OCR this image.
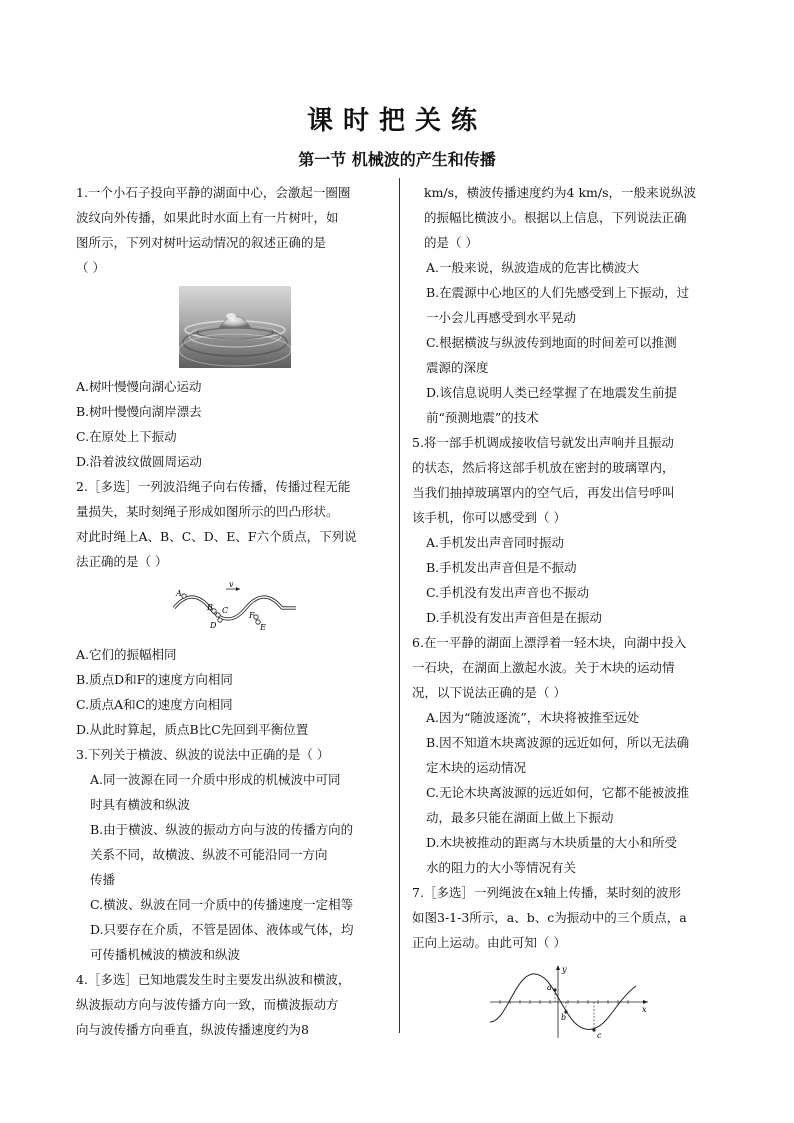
课时把关练
第一节 机械波的产生和传播

1.一个小石子投向平静的湖面中心，会激起一圈圈

波纹向外传播，如果此时水面上有一片树叶，如

图所示，下列对树叶运动情况的叙述正确的是

（ ）

A.树叶慢慢向湖心运动

B.树叶慢慢向湖岸漂去

C.在原处上下振动

D.沿着波纹做圆周运动

2.［多选］一列波沿绳子向右传播，传播过程无能

量损失，某时刻绳子形成如图所示的凹凸形状。

对此时绳上A、B、C、D、E、F六个质点，下列说

法正确的是（ ）

v
A
B C
D
F
E

A.它们的振幅相同

B.质点D和F的速度方向相同

C.质点A和C的速度方向相同

D.从此时算起，质点B比C先回到平衡位置

3.下列关于横波、纵波的说法中正确的是（ ）

A.同一波源在同一介质中形成的机械波中可同

时具有横波和纵波

B.由于横波、纵波的振动方向与波的传播方向的

关系不同，故横波、纵波不可能沿同一方向

传播

C.横波、纵波在同一介质中的传播速度一定相等

D.只要存在介质，不管是固体、液体或气体，均

可传播机械波的横波和纵波

4.［多选］已知地震发生时主要发出纵波和横波，

纵波振动方向与波传播方向一致，而横波振动方

向与波传播方向垂直，纵波传播速度约为8

km/s，横波传播速度约为4 km/s，一般来说纵波

的振幅比横波小。根据以上信息，下列说法正确

的是（ ）

A.一般来说，纵波造成的危害比横波大

B.在震源中心地区的人们先感受到上下振动，过

一小会儿再感受到水平晃动

C.根据横波与纵波传到地面的时间差可以推测

震源的深度

D.该信息说明人类已经掌握了在地震发生前提

前“预测地震”的技术

5.将一部手机调成接收信号就发出声响并且振动

的状态，然后将这部手机放在密封的玻璃罩内，

当我们抽掉玻璃罩内的空气后，再发出信号呼叫

该手机，你可以感受到（ ）

A.手机发出声音同时振动

B.手机发出声音但是不振动

C.手机没有发出声音也不振动

D.手机没有发出声音但是在振动

6.在一平静的湖面上漂浮着一轻木块，向湖中投入

一石块，在湖面上激起水波。关于木块的运动情

况，以下说法正确的是（ ）

A.因为“随波逐流”，木块将被推至远处

B.因不知道木块离波源的远近如何，所以无法确

定木块的运动情况

C.无论木块离波源的远近如何，它都不能被波推

动，最多只能在湖面上做上下振动

D.木块被推动的距离与木块质量的大小和所受

水的阻力的大小等情况有关

7.［多选］一列绳波在x轴上传播，某时刻的波形

如图3-1-3所示，a、b、c为振动中的三个质点，a

正向上运动。由此可知（ ）

a
b
c
x
y
